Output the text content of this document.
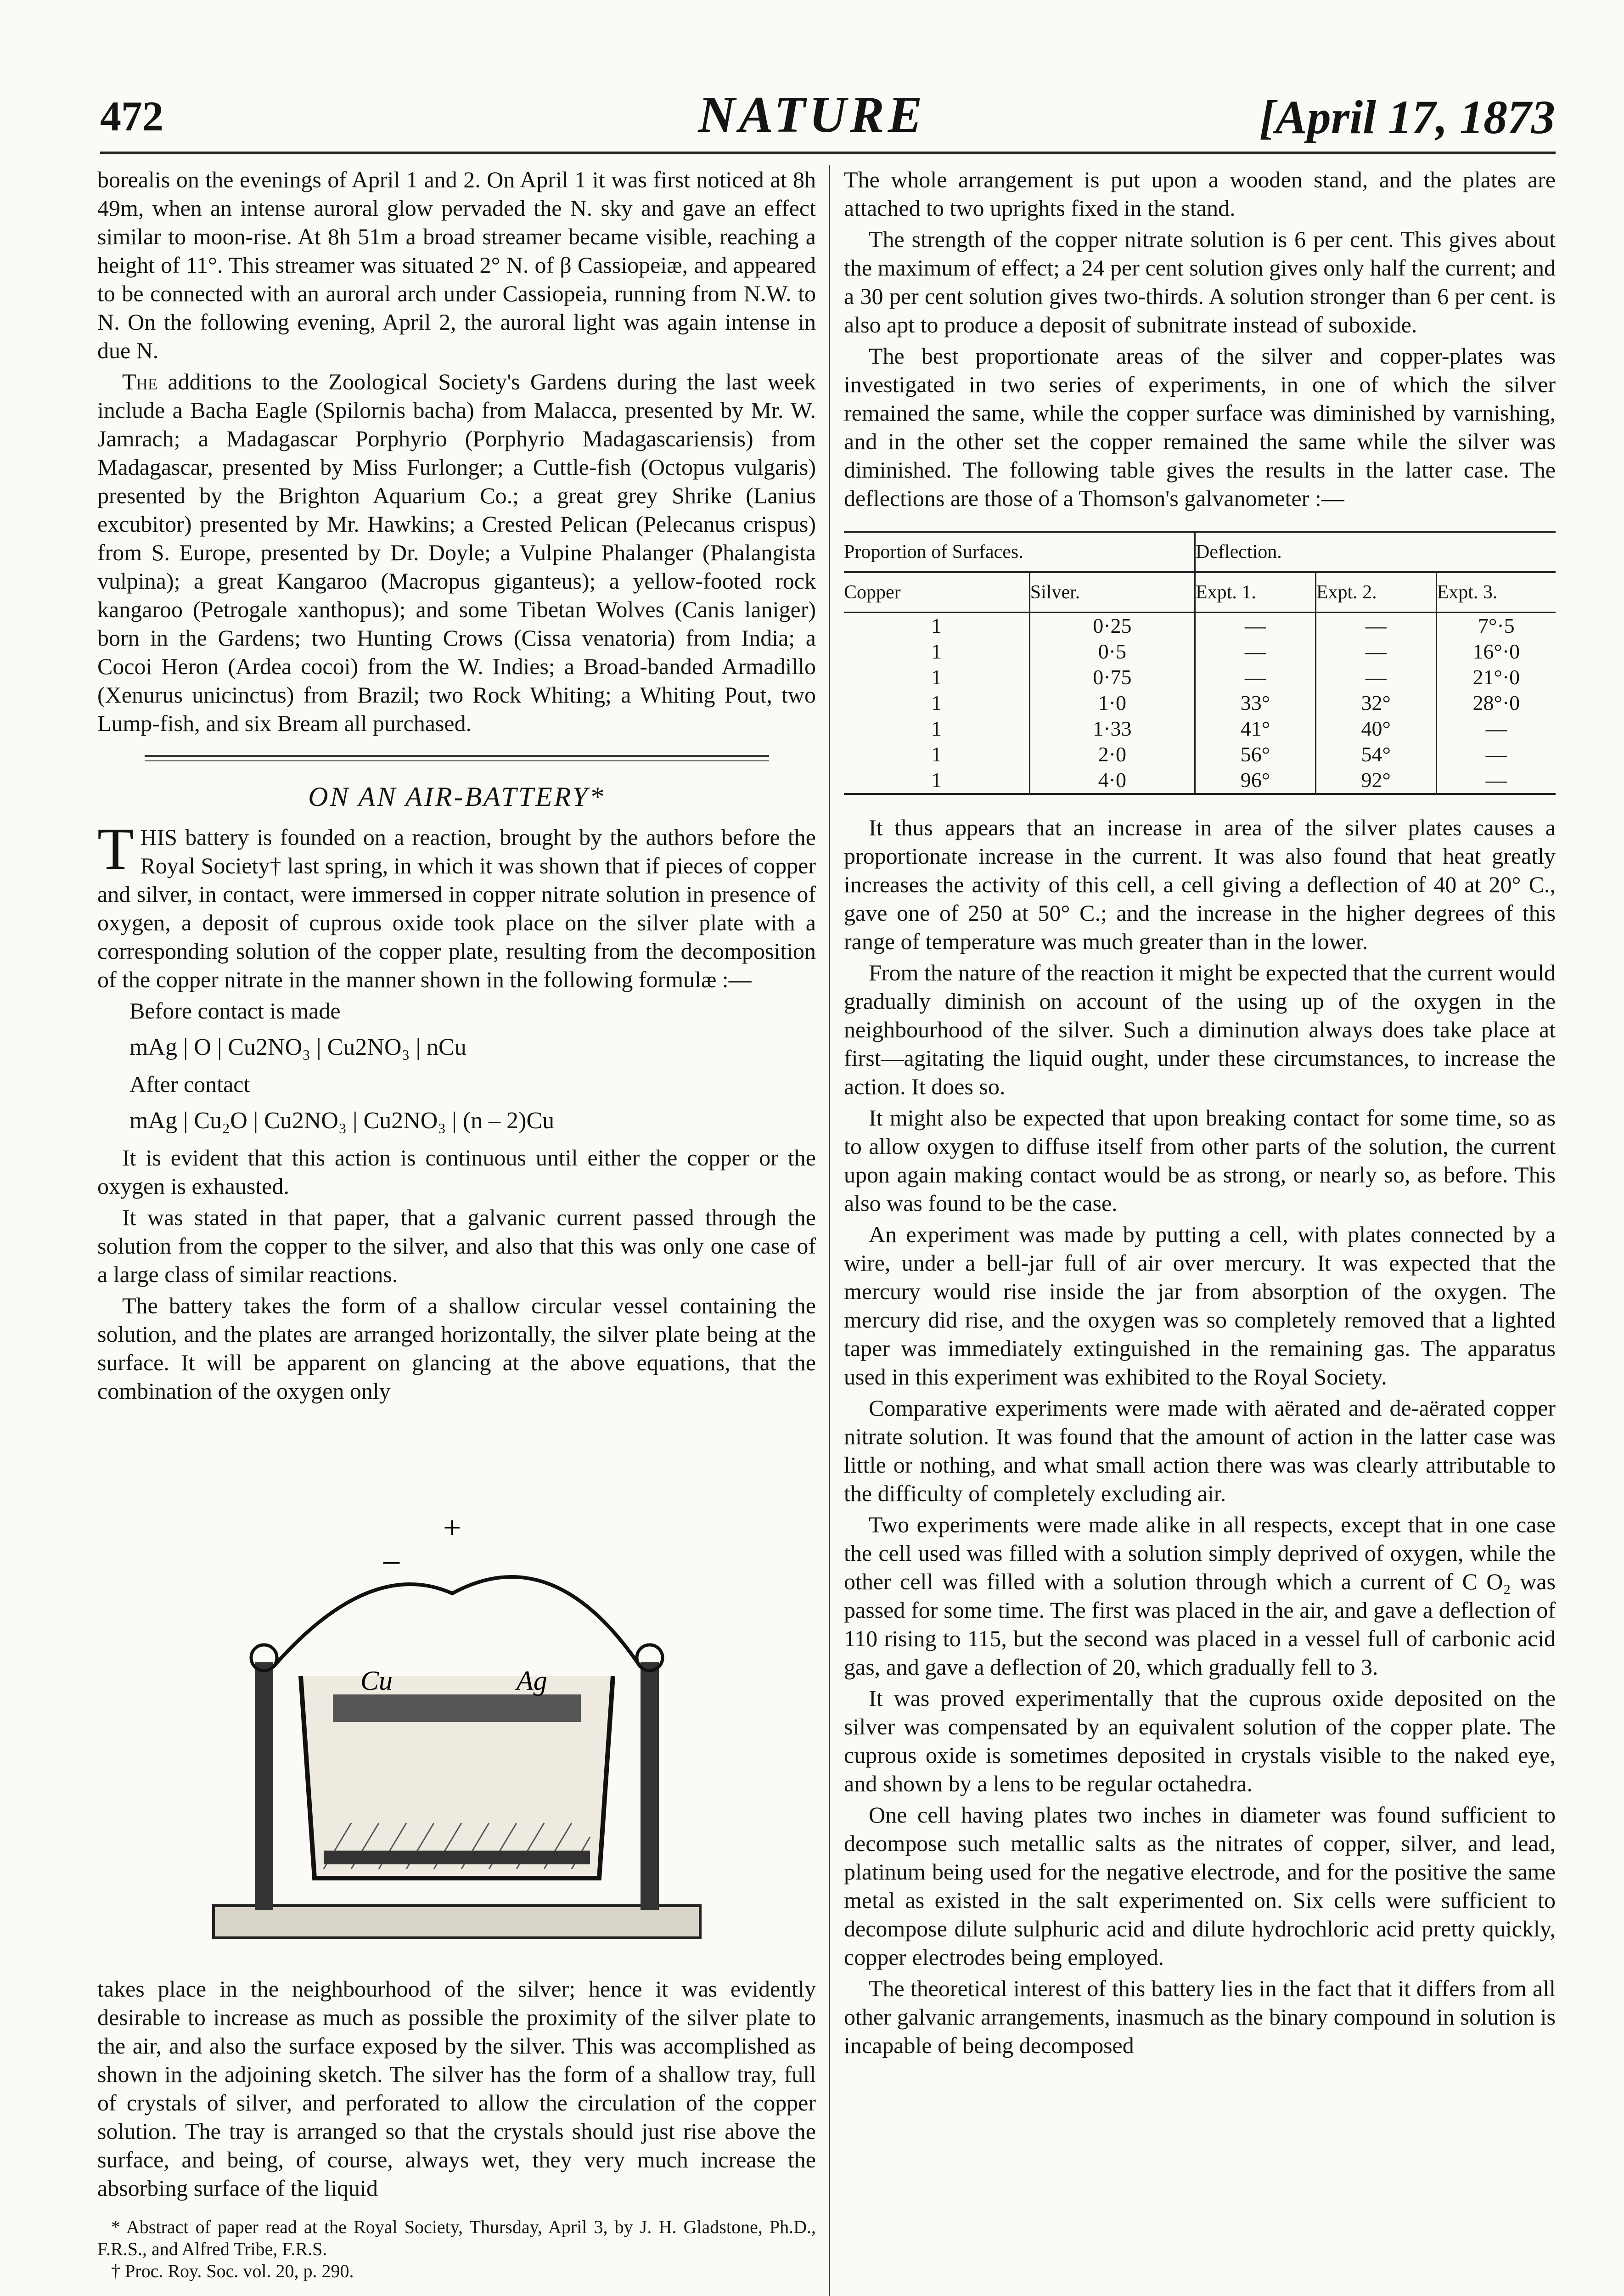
472	NATURE	[April 17, 1873

borealis on the evenings of April 1 and 2. On April 1 it was first noticed at 8h 49m, when an intense auroral glow pervaded the N. sky and gave an effect similar to moon-rise. At 8h 51m a broad streamer became visible, reaching a height of 11°. This streamer was situated 2° N. of β Cassiopeiæ, and appeared to be connected with an auroral arch under Cassiopeia, running from N.W. to N. On the following evening, April 2, the auroral light was again intense in due N.

The additions to the Zoological Society's Gardens during the last week include a Bacha Eagle (Spilornis bacha) from Malacca, presented by Mr. W. Jamrach; a Madagascar Porphyrio (Porphyrio Madagascariensis) from Madagascar, presented by Miss Furlonger; a Cuttle-fish (Octopus vulgaris) presented by the Brighton Aquarium Co.; a great grey Shrike (Lanius excubitor) presented by Mr. Hawkins; a Crested Pelican (Pelecanus crispus) from S. Europe, presented by Dr. Doyle; a Vulpine Phalanger (Phalangista vulpina); a great Kangaroo (Macropus giganteus); a yellow-footed rock kangaroo (Petrogale xanthopus); and some Tibetan Wolves (Canis laniger) born in the Gardens; two Hunting Crows (Cissa venatoria) from India; a Cocoi Heron (Ardea cocoi) from the W. Indies; a Broad-banded Armadillo (Xenurus unicinctus) from Brazil; two Rock Whiting; a Whiting Pout, two Lump-fish, and six Bream all purchased.

ON AN AIR-BATTERY*

THIS battery is founded on a reaction, brought by the authors before the Royal Society† last spring, in which it was shown that if pieces of copper and silver, in contact, were immersed in copper nitrate solution in presence of oxygen, a deposit of cuprous oxide took place on the silver plate with a corresponding solution of the copper plate, resulting from the decomposition of the copper nitrate in the manner shown in the following formulæ :—

Before contact is made

mAg | O | Cu2NO₃ | Cu2NO₃ | nCu

After contact

mAg | Cu₂O | Cu2NO₃ | Cu2NO₃ | (n – 2)Cu

It is evident that this action is continuous until either the copper or the oxygen is exhausted.

It was stated in that paper, that a galvanic current passed through the solution from the copper to the silver, and also that this was only one case of a large class of similar reactions.

The battery takes the form of a shallow circular vessel containing the solution, and the plates are arranged horizontally, the silver plate being at the surface. It will be apparent on glancing at the above equations, that the combination of the oxygen only

+
–
Cu	Ag

takes place in the neighbourhood of the silver; hence it was evidently desirable to increase as much as possible the proximity of the silver plate to the air, and also the surface exposed by the silver. This was accomplished as shown in the adjoining sketch. The silver has the form of a shallow tray, full of crystals of silver, and perforated to allow the circulation of the copper solution. The tray is arranged so that the crystals should just rise above the surface, and being, of course, always wet, they very much increase the absorbing surface of the liquid

* Abstract of paper read at the Royal Society, Thursday, April 3, by J. H. Gladstone, Ph.D., F.R.S., and Alfred Tribe, F.R.S.

† Proc. Roy. Soc. vol. 20, p. 290.

The whole arrangement is put upon a wooden stand, and the plates are attached to two uprights fixed in the stand.

The strength of the copper nitrate solution is 6 per cent. This gives about the maximum of effect; a 24 per cent solution gives only half the current; and a 30 per cent solution gives two-thirds. A solution stronger than 6 per cent. is also apt to produce a deposit of subnitrate instead of suboxide.

The best proportionate areas of the silver and copper-plates was investigated in two series of experiments, in one of which the silver remained the same, while the copper surface was diminished by varnishing, and in the other set the copper remained the same while the silver was diminished. The following table gives the results in the latter case. The deflections are those of a Thomson's galvanometer :—

Proportion of Surfaces.		Deflection.		
Copper	Silver.	Expt. 1.	Expt. 2.	Expt. 3.
1	0·25	—	—	7°·5
1	0·5	—	—	16°·0
1	0·75	—	—	21°·0
1	1·0	33°	32°	28°·0
1	1·33	41°	40°	—
1	2·0	56°	54°	—
1	4·0	96°	92°	—

It thus appears that an increase in area of the silver plates causes a proportionate increase in the current. It was also found that heat greatly increases the activity of this cell, a cell giving a deflection of 40 at 20° C., gave one of 250 at 50° C.; and the increase in the higher degrees of this range of temperature was much greater than in the lower.

From the nature of the reaction it might be expected that the current would gradually diminish on account of the using up of the oxygen in the neighbourhood of the silver. Such a diminution always does take place at first—agitating the liquid ought, under these circumstances, to increase the action. It does so.

It might also be expected that upon breaking contact for some time, so as to allow oxygen to diffuse itself from other parts of the solution, the current upon again making contact would be as strong, or nearly so, as before. This also was found to be the case.

An experiment was made by putting a cell, with plates connected by a wire, under a bell-jar full of air over mercury. It was expected that the mercury would rise inside the jar from absorption of the oxygen. The mercury did rise, and the oxygen was so completely removed that a lighted taper was immediately extinguished in the remaining gas. The apparatus used in this experiment was exhibited to the Royal Society.

Comparative experiments were made with aërated and de-aërated copper nitrate solution. It was found that the amount of action in the latter case was little or nothing, and what small action there was was clearly attributable to the difficulty of completely excluding air.

Two experiments were made alike in all respects, except that in one case the cell used was filled with a solution simply deprived of oxygen, while the other cell was filled with a solution through which a current of C O₂ was passed for some time. The first was placed in the air, and gave a deflection of 110 rising to 115, but the second was placed in a vessel full of carbonic acid gas, and gave a deflection of 20, which gradually fell to 3.

It was proved experimentally that the cuprous oxide deposited on the silver was compensated by an equivalent solution of the copper plate. The cuprous oxide is sometimes deposited in crystals visible to the naked eye, and shown by a lens to be regular octahedra.

One cell having plates two inches in diameter was found sufficient to decompose such metallic salts as the nitrates of copper, silver, and lead, platinum being used for the negative electrode, and for the positive the same metal as existed in the salt experimented on. Six cells were sufficient to decompose dilute sulphuric acid and dilute hydrochloric acid pretty quickly, copper electrodes being employed.

The theoretical interest of this battery lies in the fact that it differs from all other galvanic arrangements, inasmuch as the binary compound in solution is incapable of being decomposed
